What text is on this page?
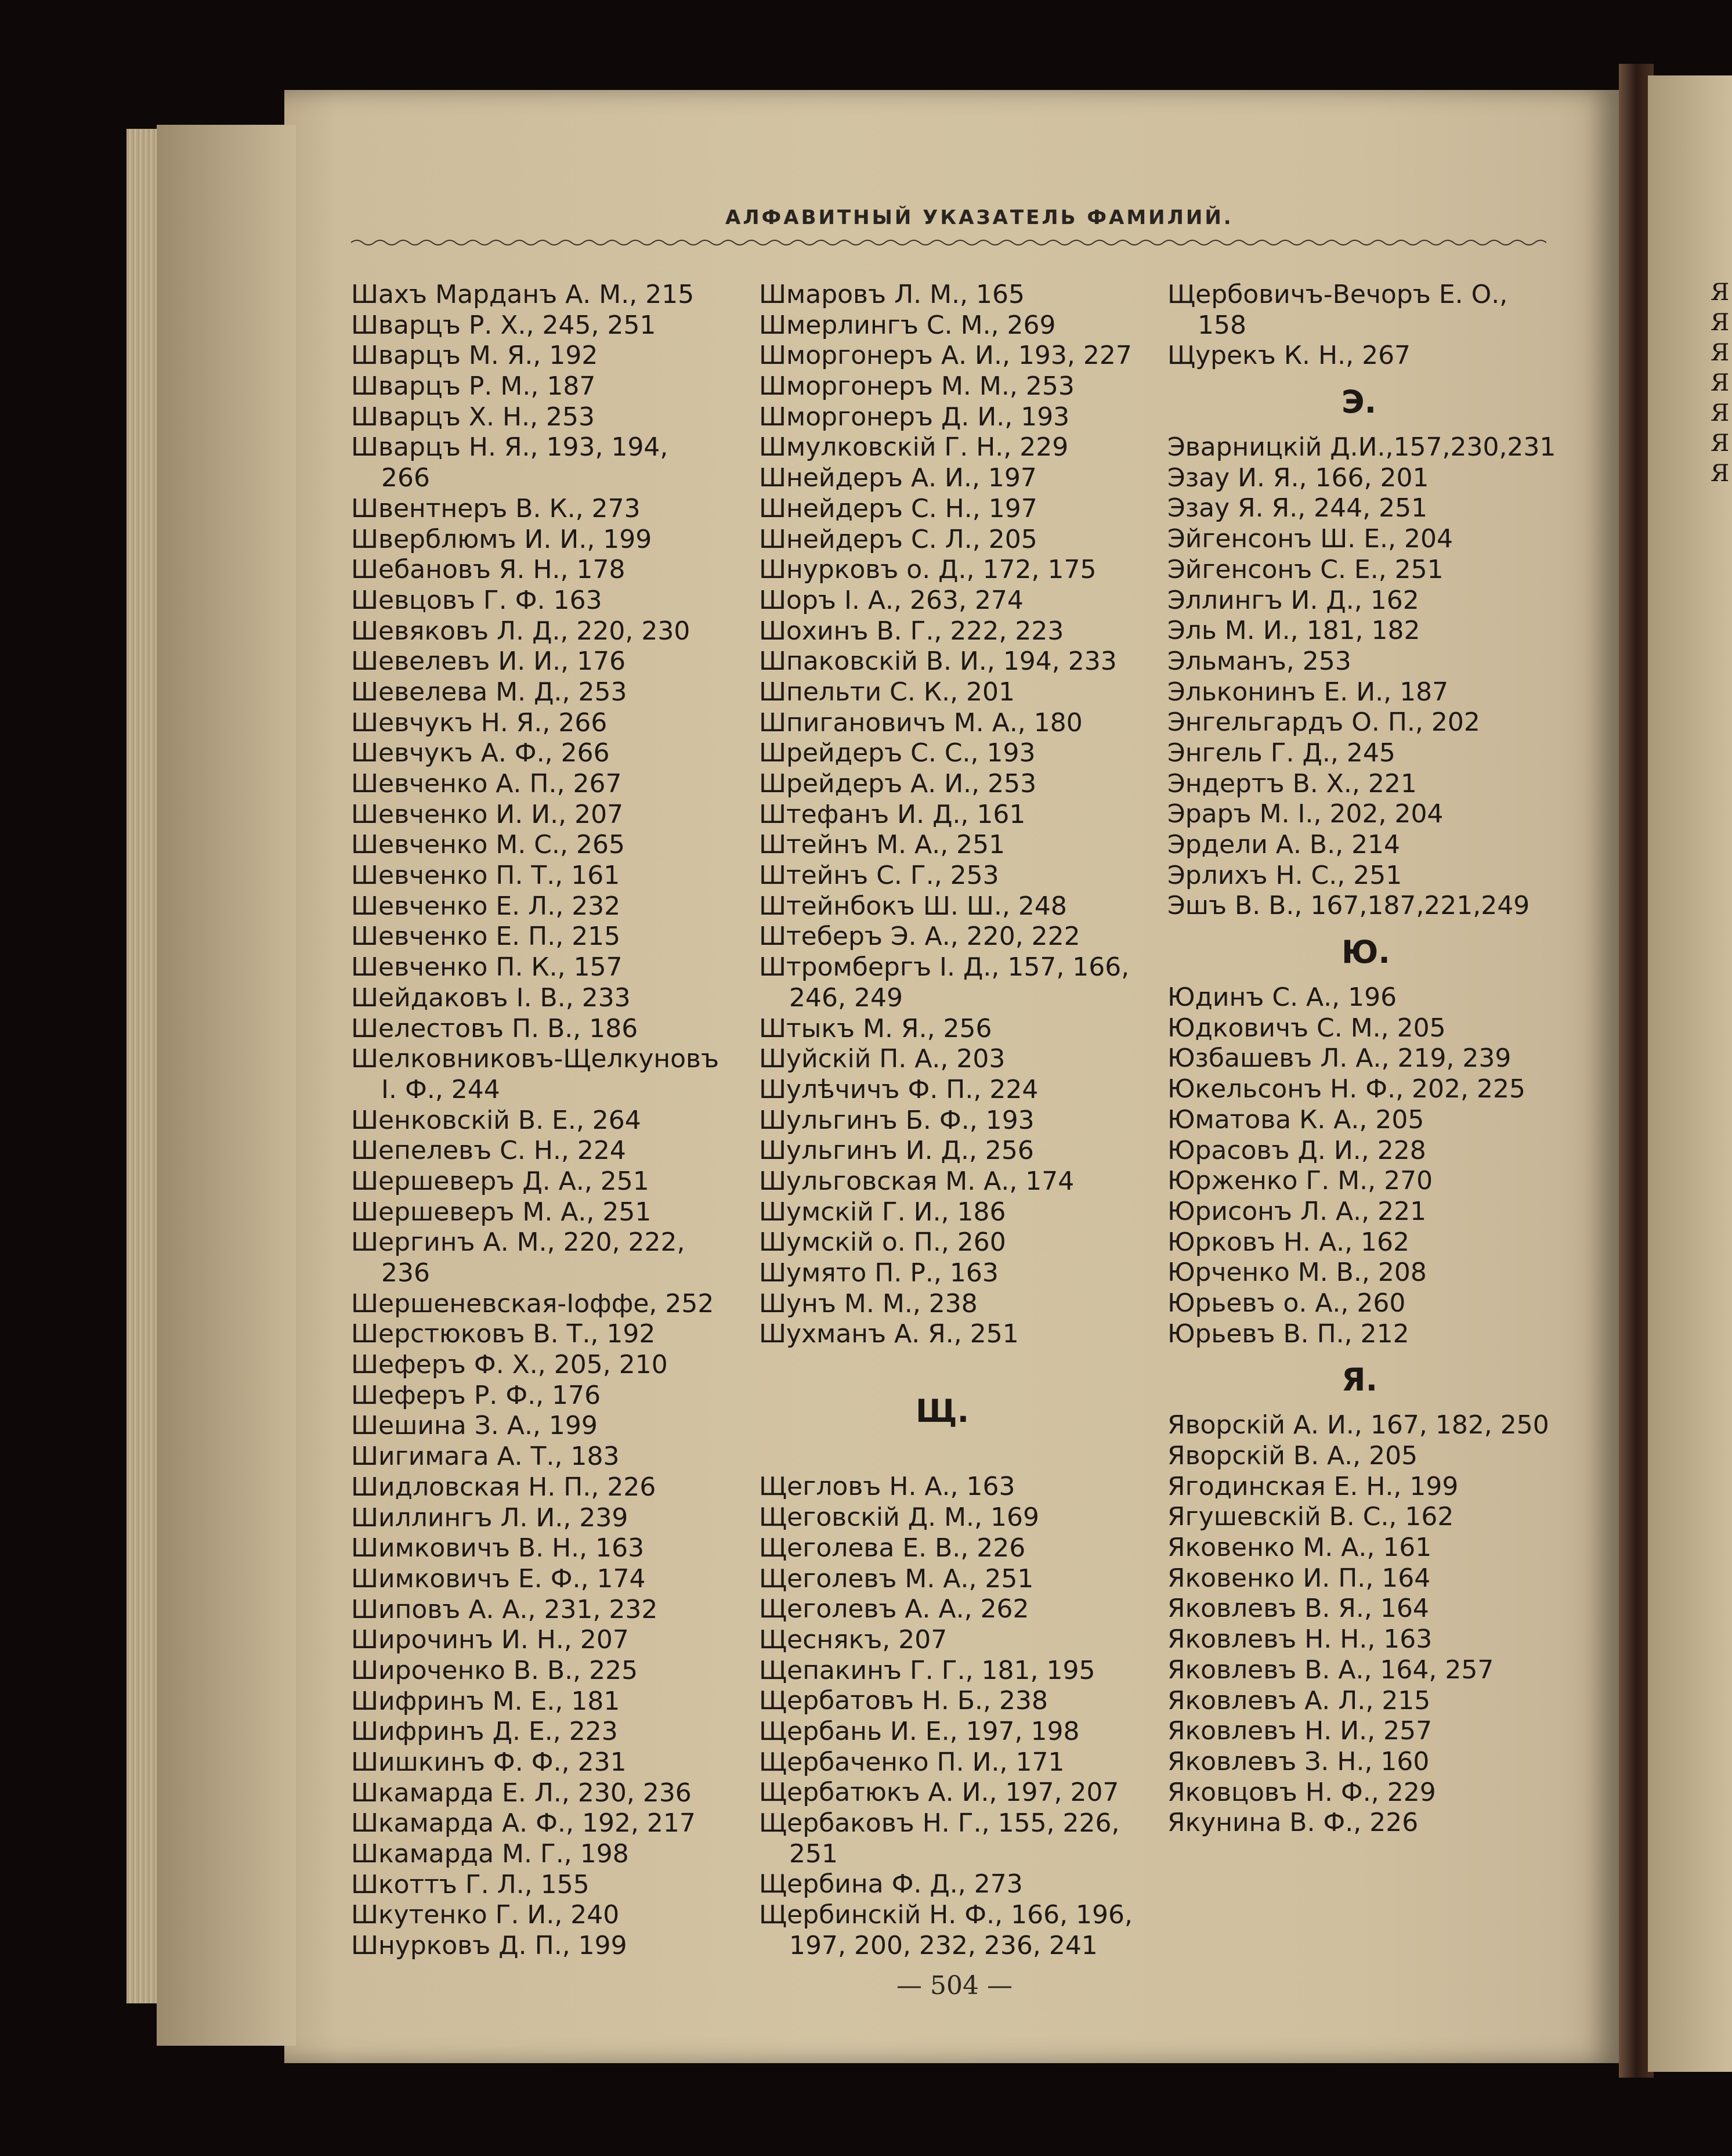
Я
Я
Я
Я
Я
Я
Я
АЛФАВИТНЫЙ УКАЗАТЕЛЬ ФАМИЛИЙ.
Шахъ Марданъ А. М., 215
Шварцъ Р. Х., 245, 251
Шварцъ М. Я., 192
Шварцъ Р. М., 187
Шварцъ Х. Н., 253
Шварцъ Н. Я., 193, 194,
266
Швентнеръ В. К., 273
Шверблюмъ И. И., 199
Шебановъ Я. Н., 178
Шевцовъ Г. Ф. 163
Шевяковъ Л. Д., 220, 230
Шевелевъ И. И., 176
Шевелева М. Д., 253
Шевчукъ Н. Я., 266
Шевчукъ А. Ф., 266
Шевченко А. П., 267
Шевченко И. И., 207
Шевченко М. С., 265
Шевченко П. Т., 161
Шевченко Е. Л., 232
Шевченко Е. П., 215
Шевченко П. К., 157
Шейдаковъ І. В., 233
Шелестовъ П. В., 186
Шелковниковъ-Щелкуновъ
І. Ф., 244
Шенковскій В. Е., 264
Шепелевъ С. Н., 224
Шершеверъ Д. А., 251
Шершеверъ М. А., 251
Шергинъ А. М., 220, 222,
236
Шершеневская-Іоффе, 252
Шерстюковъ В. Т., 192
Шеферъ Ф. Х., 205, 210
Шеферъ Р. Ф., 176
Шешина З. А., 199
Шигимага А. Т., 183
Шидловская Н. П., 226
Шиллингъ Л. И., 239
Шимковичъ В. Н., 163
Шимковичъ Е. Ф., 174
Шиповъ А. А., 231, 232
Широчинъ И. Н., 207
Широченко В. В., 225
Шифринъ М. Е., 181
Шифринъ Д. Е., 223
Шишкинъ Ф. Ф., 231
Шкамарда Е. Л., 230, 236
Шкамарда А. Ф., 192, 217
Шкамарда М. Г., 198
Шкоттъ Г. Л., 155
Шкутенко Г. И., 240
Шнурковъ Д. П., 199
Шмаровъ Л. М., 165
Шмерлингъ С. М., 269
Шморгонеръ А. И., 193, 227
Шморгонеръ М. М., 253
Шморгонеръ Д. И., 193
Шмулковскій Г. Н., 229
Шнейдеръ А. И., 197
Шнейдеръ С. Н., 197
Шнейдеръ С. Л., 205
Шнурковъ о. Д., 172, 175
Шоръ І. А., 263, 274
Шохинъ В. Г., 222, 223
Шпаковскій В. И., 194, 233
Шпельти С. К., 201
Шпигановичъ М. А., 180
Шрейдеръ С. С., 193
Шрейдеръ А. И., 253
Штефанъ И. Д., 161
Штейнъ М. А., 251
Штейнъ С. Г., 253
Штейнбокъ Ш. Ш., 248
Штеберъ Э. А., 220, 222
Штромбергъ І. Д., 157, 166,
246, 249
Штыкъ М. Я., 256
Шуйскій П. А., 203
Шулѣчичъ Ф. П., 224
Шульгинъ Б. Ф., 193
Шульгинъ И. Д., 256
Шульговская М. А., 174
Шумскій Г. И., 186
Шумскій о. П., 260
Шумято П. Р., 163
Шунъ М. М., 238
Шухманъ А. Я., 251
Щ.
Щегловъ Н. А., 163
Щеговскій Д. М., 169
Щеголева Е. В., 226
Щеголевъ М. А., 251
Щеголевъ А. А., 262
Щеснякъ, 207
Щепакинъ Г. Г., 181, 195
Щербатовъ Н. Б., 238
Щербань И. Е., 197, 198
Щербаченко П. И., 171
Щербатюкъ А. И., 197, 207
Щербаковъ Н. Г., 155, 226,
251
Щербина Ф. Д., 273
Щербинскій Н. Ф., 166, 196,
197, 200, 232, 236, 241
Щербовичъ-Вечоръ Е. О.,
158
Щурекъ К. Н., 267
Э.
Эварницкій Д.И.,157,230,231
Эзау И. Я., 166, 201
Эзау Я. Я., 244, 251
Эйгенсонъ Ш. Е., 204
Эйгенсонъ С. Е., 251
Эллингъ И. Д., 162
Эль М. И., 181, 182
Эльманъ, 253
Эльконинъ Е. И., 187
Энгельгардъ О. П., 202
Энгель Г. Д., 245
Эндертъ В. Х., 221
Эраръ М. І., 202, 204
Эрдели А. В., 214
Эрлихъ Н. С., 251
Эшъ В. В., 167,187,221,249
Ю.
Юдинъ С. А., 196
Юдковичъ С. М., 205
Юзбашевъ Л. А., 219, 239
Юкельсонъ Н. Ф., 202, 225
Юматова К. А., 205
Юрасовъ Д. И., 228
Юрженко Г. М., 270
Юрисонъ Л. А., 221
Юрковъ Н. А., 162
Юрченко М. В., 208
Юрьевъ о. А., 260
Юрьевъ В. П., 212
Я.
Яворскій А. И., 167, 182, 250
Яворскій В. А., 205
Ягодинская Е. Н., 199
Ягушевскій В. С., 162
Яковенко М. А., 161
Яковенко И. П., 164
Яковлевъ В. Я., 164
Яковлевъ Н. Н., 163
Яковлевъ В. А., 164, 257
Яковлевъ А. Л., 215
Яковлевъ Н. И., 257
Яковлевъ З. Н., 160
Яковцовъ Н. Ф., 229
Якунина В. Ф., 226
— 504 —
